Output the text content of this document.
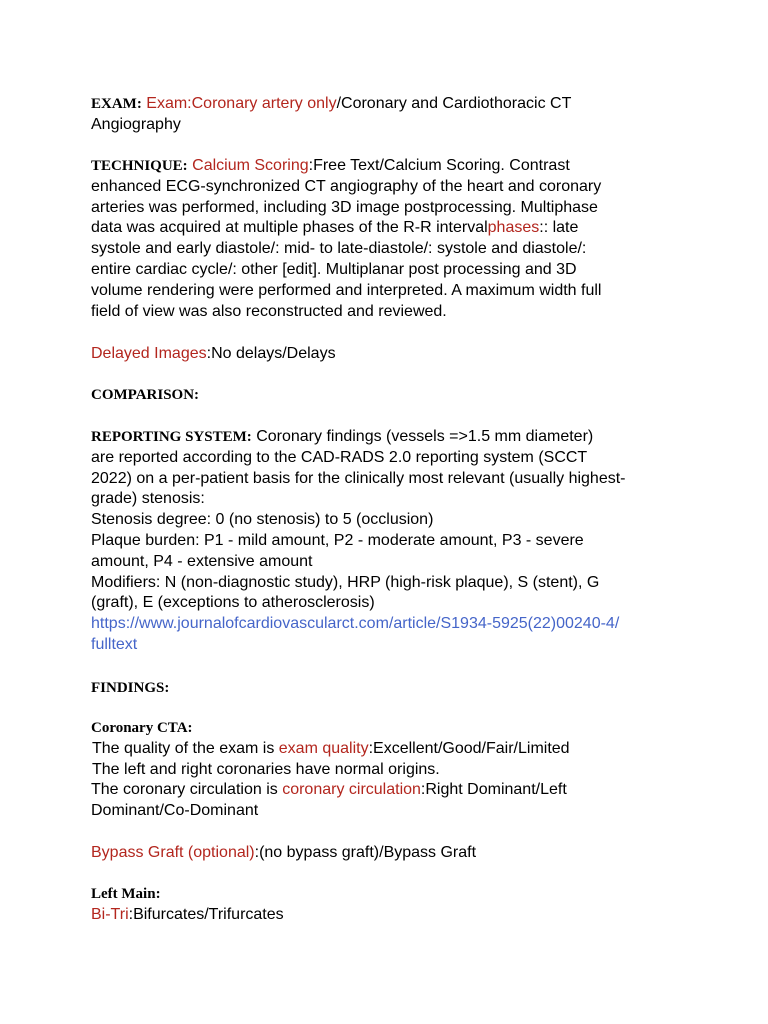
EXAM: Exam:Coronary artery only/Coronary and Cardiothoracic CT
Angiography
TECHNIQUE: Calcium Scoring:Free Text/Calcium Scoring. Contrast
enhanced ECG-synchronized CT angiography of the heart and coronary
arteries was performed, including 3D image postprocessing. Multiphase
data was acquired at multiple phases of the R-R intervalphases:: late
systole and early diastole/: mid- to late-diastole/: systole and diastole/:
entire cardiac cycle/: other [edit]. Multiplanar post processing and 3D
volume rendering were performed and interpreted. A maximum width full
field of view was also reconstructed and reviewed.
Delayed Images:No delays/Delays
COMPARISON:
REPORTING SYSTEM: Coronary findings (vessels =>1.5 mm diameter)
are reported according to the CAD-RADS 2.0 reporting system (SCCT
2022) on a per-patient basis for the clinically most relevant (usually highest-
grade) stenosis:
Stenosis degree: 0 (no stenosis) to 5 (occlusion)
Plaque burden: P1 - mild amount, P2 - moderate amount, P3 - severe
amount, P4 - extensive amount
Modifiers: N (non-diagnostic study), HRP (high-risk plaque), S (stent), G
(graft), E (exceptions to atherosclerosis)
https://www.journalofcardiovascularct.com/article/S1934-5925(22)00240-4/
fulltext
FINDINGS:
Coronary CTA:
The quality of the exam is exam quality:Excellent/Good/Fair/Limited
The left and right coronaries have normal origins.
The coronary circulation is coronary circulation:Right Dominant/Left
Dominant/Co-Dominant
Bypass Graft (optional):(no bypass graft)/Bypass Graft
Left Main:
Bi-Tri:Bifurcates/Trifurcates
